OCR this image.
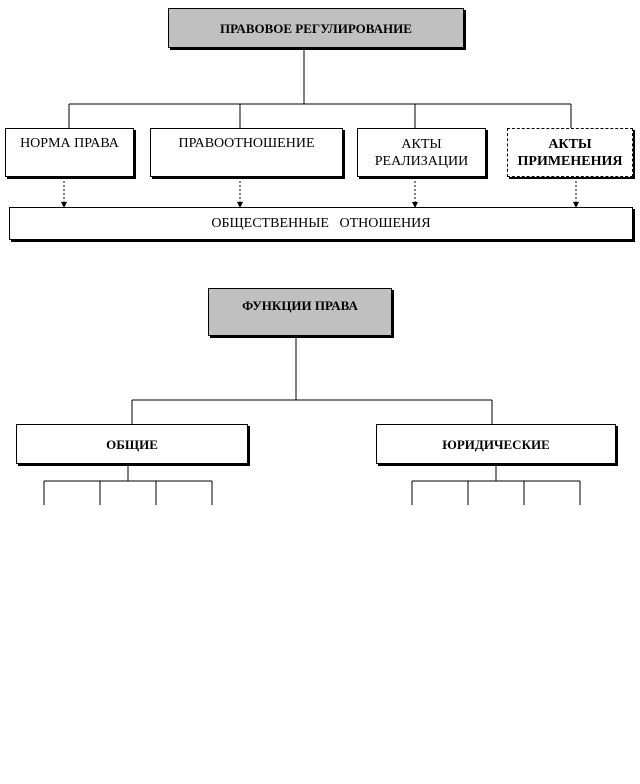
ПРАВОВОЕ РЕГУЛИРОВАНИЕ
НОРМА ПРАВА	ПРАВООТНОШЕНИЕ	АКТЫ
РЕАЛИЗАЦИИ
АКТЫ
ПРИМЕНЕНИЯ
ОБЩЕСТВЕННЫЕ   ОТНОШЕНИЯ
ФУНКЦИИ ПРАВА
ОБЩИЕ	ЮРИДИЧЕСКИЕ
